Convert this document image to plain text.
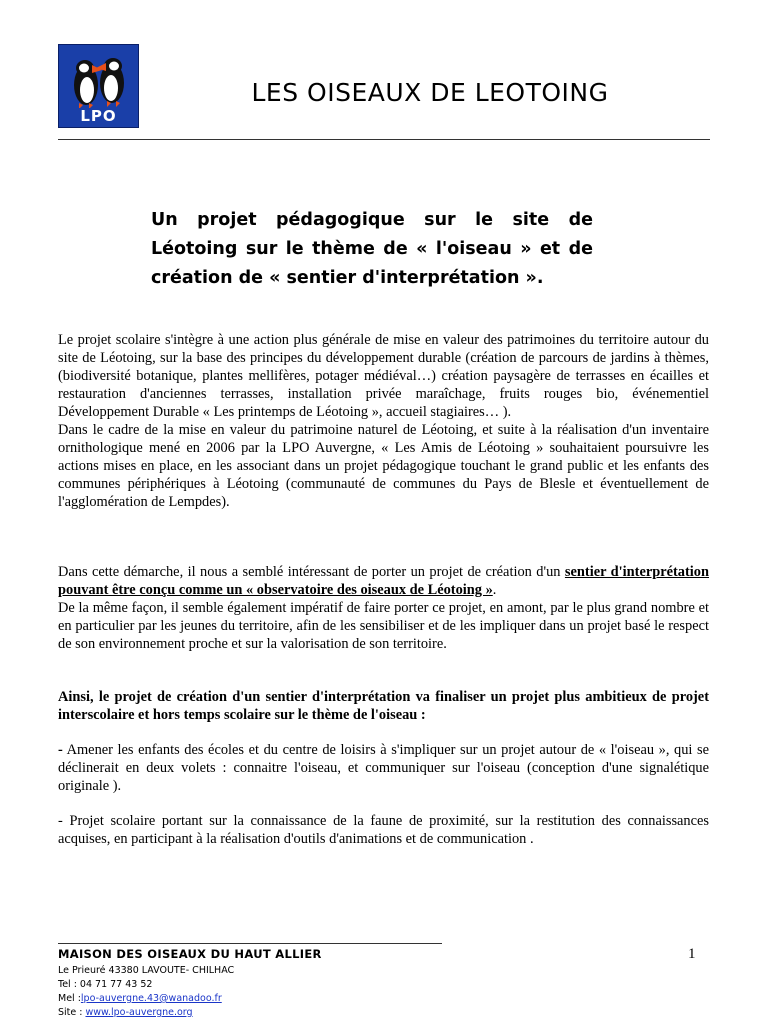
LPO
LES OISEAUX DE LEOTOING
Un projet pédagogique sur le site de Léotoing sur le thème de « l'oiseau » et de création de « sentier d'interprétation ».

Le projet scolaire s'intègre à une action plus générale de mise en valeur des patrimoines du territoire autour du site de Léotoing, sur la base des principes du développement durable (création de parcours de jardins à thèmes, (biodiversité botanique, plantes mellifères, potager médiéval…) création paysagère de terrasses en écailles et restauration d'anciennes terrasses, installation privée maraîchage, fruits rouges bio, événementiel Développement Durable « Les printemps de Léotoing », accueil stagiaires… ).

Dans le cadre de la mise en valeur du patrimoine naturel de Léotoing, et suite à la réalisation d'un inventaire ornithologique mené en 2006 par la LPO Auvergne, « Les Amis de Léotoing » souhaitaient poursuivre les actions mises en place, en les associant dans un projet pédagogique touchant le grand public et les enfants des communes périphériques à Léotoing (communauté de communes du Pays de Blesle et éventuellement de l'agglomération de Lempdes).

Dans cette démarche, il nous a semblé intéressant de porter un projet de création d'un sentier d'interprétation pouvant être conçu comme un « observatoire des oiseaux de Léotoing ».

De la même façon, il semble également impératif de faire porter ce projet, en amont, par le plus grand nombre et en particulier par les jeunes du territoire, afin de les sensibiliser et de les impliquer dans un projet basé le respect de son environnement proche et sur la valorisation de son territoire.

Ainsi, le projet de création d'un sentier d'interprétation va finaliser un projet plus ambitieux de projet interscolaire et hors temps scolaire sur le thème de l'oiseau :

- Amener les enfants des écoles et du centre de loisirs à s'impliquer sur un projet autour de « l'oiseau », qui se déclinerait en deux volets : connaitre l'oiseau, et communiquer sur l'oiseau (conception d'une signalétique originale ).

- Projet scolaire portant sur la connaissance de la faune de proximité, sur la restitution des connaissances acquises, en participant à la réalisation d'outils d'animations et de communication .
MAISON DES OISEAUX DU HAUT ALLIER
Le Prieuré 43380 LAVOUTE- CHILHAC
Tel : 04 71 77 43 52
Mel :lpo-auvergne.43@wanadoo.fr
Site : www.lpo-auvergne.org
1
